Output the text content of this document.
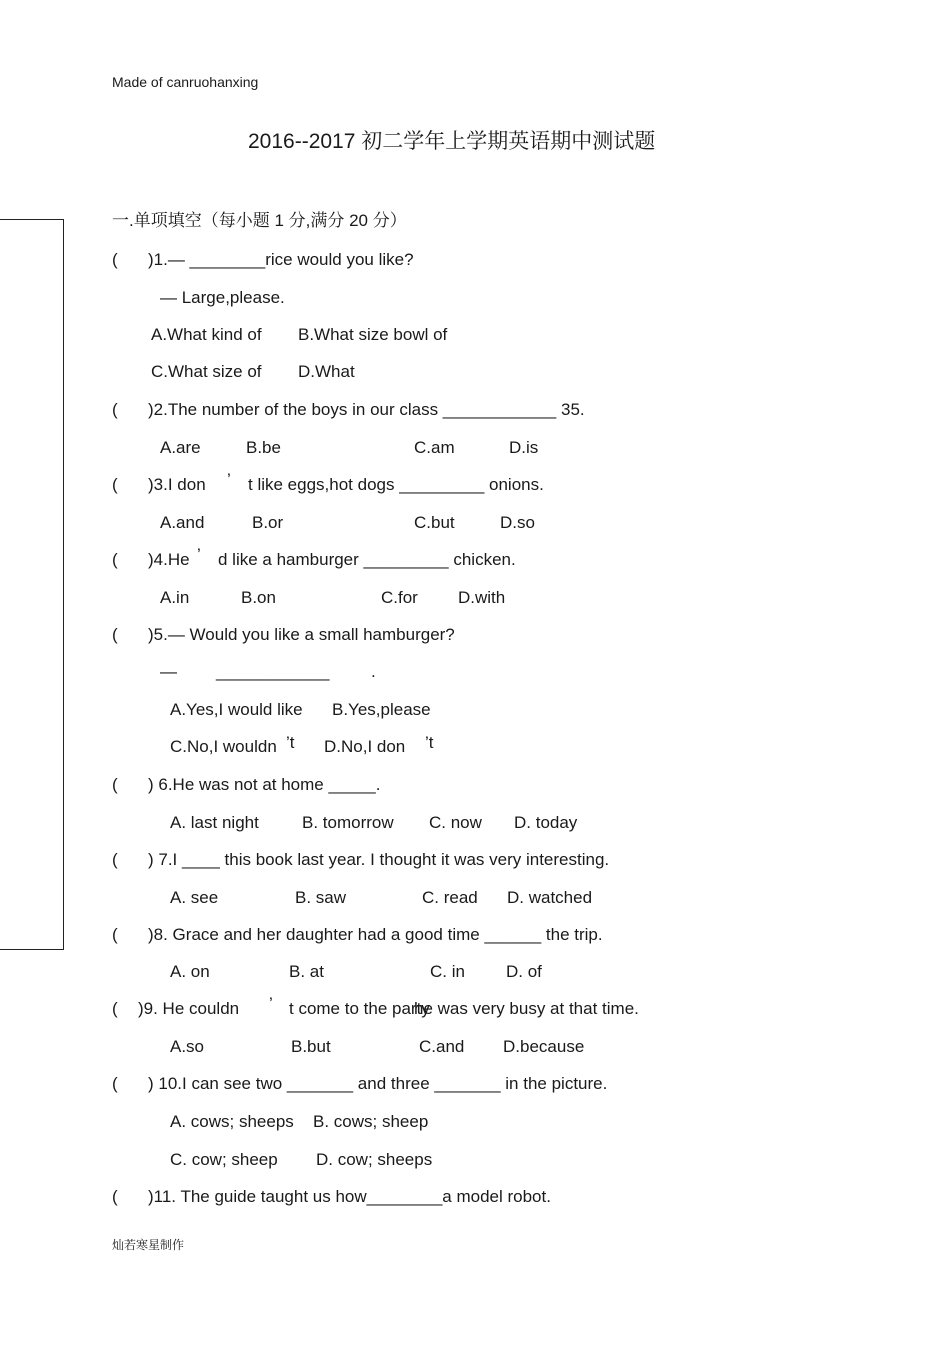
Made of canruohanxing
2016--2017 初二学年上学期英语期中测试题
一.单项填空（每小题 1 分,满分 20 分）
( )1.— ________rice would you like?
— Large,please.
A.What kind of B.What size bowl of
C.What size of D.What
( )2.The number of the boys in our class ____________ 35.
A.are	B.be	C.am	D.is
( )3.I don ’ t like eggs,hot dogs _________ onions.
A.and	B.or	C.but	D.so
( )4.He ’ d like a hamburger _________ chicken.
A.in	B.on	C.for D.with
( )5.— Would you like a small hamburger?
— ____________ .
A.Yes,I would like B.Yes,please
C.No,I wouldn ’t D.No,I don ’t
( ) 6.He was not at home _____.
A. last night	B. tomorrow C. now D. today
( ) 7.I ____ this book last year. I thought it was very interesting.
A. see	B. saw	C. read D. watched
( )8. Grace and her daughter had a good time ______ the trip.
A. on	B. at	C. in D. of
( )9. He couldn ’ t come to the party
he was very busy at that time.
A.so	B.but	C.and D.because
( ) 10.I can see two _______ and three _______ in the picture.
A. cows; sheeps B. cows; sheep
C. cow; sheep D. cow; sheeps
( )11. The guide taught us how________a model robot.
灿若寒星制作
